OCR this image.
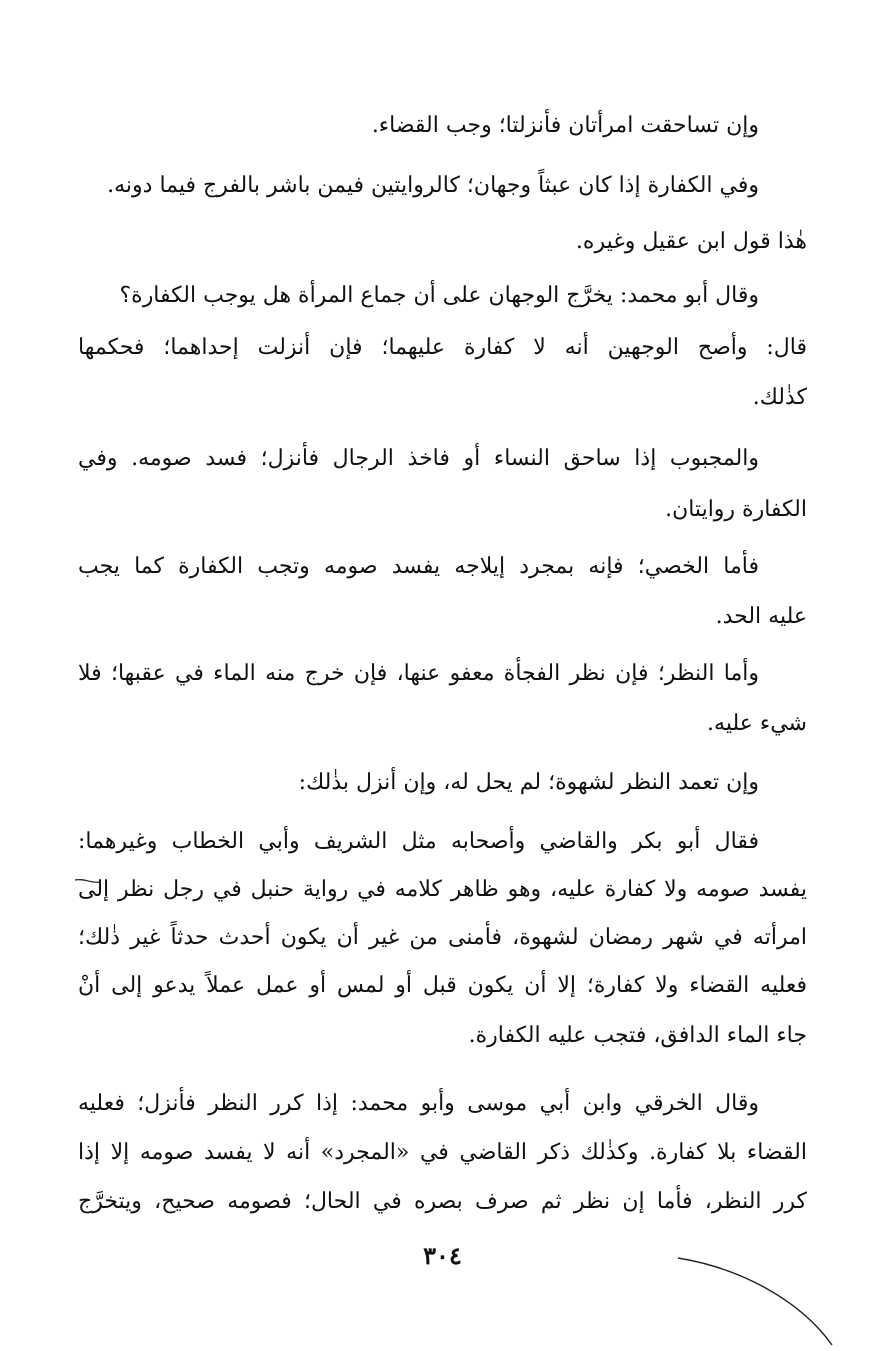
وإن تساحقت امرأتان فأنزلتا؛ وجب القضاء.
وفي الكفارة إذا كان عبثاً وجهان؛ كالروايتين فيمن باشر بالفرج فيما دونه.
هٰذا قول ابن عقيل وغيره.
وقال أبو محمد: يخرَّج الوجهان على أن جماع المرأة هل يوجب الكفارة؟
قال: وأصح الوجهين أنه لا كفارة عليهما؛ فإن أنزلت إحداهما؛ فحكمها
كذٰلك.
والمجبوب إذا ساحق النساء أو فاخذ الرجال فأنزل؛ فسد صومه. وفي
الكفارة روايتان.
فأما الخصي؛ فإنه بمجرد إيلاجه يفسد صومه وتجب الكفارة كما يجب
عليه الحد.
وأما النظر؛ فإن نظر الفجأة معفو عنها، فإن خرج منه الماء في عقبها؛ فلا
شيء عليه.
وإن تعمد النظر لشهوة؛ لم يحل له، وإن أنزل بذٰلك:
فقال أبو بكر والقاضي وأصحابه مثل الشريف وأبي الخطاب وغيرهما:
يفسد صومه ولا كفارة عليه، وهو ظاهر كلامه في رواية حنبل في رجل نظر إلى
امرأته في شهر رمضان لشهوة، فأمنى من غير أن يكون أحدث حدثاً غير ذٰلك؛
فعليه القضاء ولا كفارة؛ إلا أن يكون قبل أو لمس أو عمل عملاً يدعو إلى أنْ
جاء الماء الدافق، فتجب عليه الكفارة.
وقال الخرقي وابن أبي موسى وأبو محمد: إذا كرر النظر فأنزل؛ فعليه
القضاء بلا كفارة. وكذٰلك ذكر القاضي في «المجرد» أنه لا يفسد صومه إلا إذا
كرر النظر، فأما إن نظر ثم صرف بصره في الحال؛ فصومه صحيح، ويتخرَّج
٣٠٤
